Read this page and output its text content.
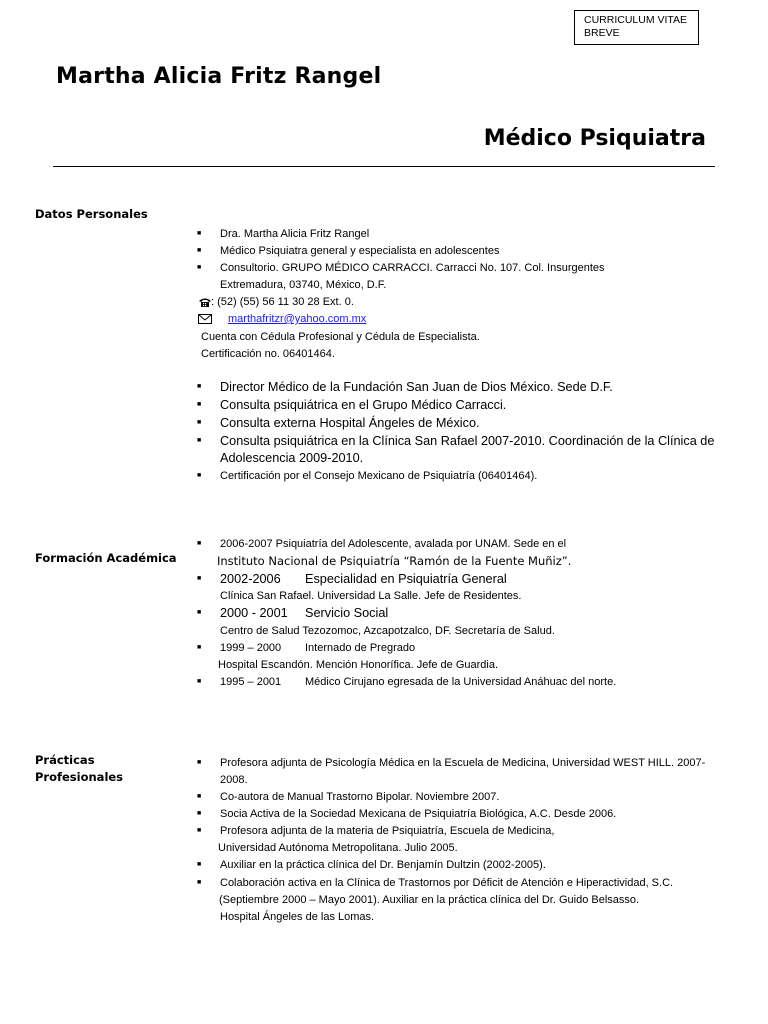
CURRICULUM VITAE
BREVE
Martha Alicia Fritz Rangel
Médico Psiquiatra
Datos Personales
■ Dra. Martha Alicia Fritz Rangel
■ Médico Psiquiatra general y especialista en adolescentes
■ Consultorio. GRUPO MÉDICO CARRACCI. Carracci No. 107. Col. Insurgentes
Extremadura, 03740, México, D.F.
: (52) (55) 56 11 30 28 Ext. 0.
marthafritzr@yahoo.com.mx
Cuenta con Cédula Profesional y Cédula de Especialista.
Certificación no. 06401464.
■ Director Médico de la Fundación San Juan de Dios México. Sede D.F.
■ Consulta psiquiátrica en el Grupo Médico Carracci.
■ Consulta externa Hospital Ángeles de México.
■ Consulta psiquiátrica en la Clínica San Rafael 2007-2010. Coordinación de la Clínica de
Adolescencia 2009-2010.
■ Certificación por el Consejo Mexicano de Psiquiatría (06401464).
Formación Académica
■ 2006-2007 Psiquiatría del Adolescente, avalada por UNAM. Sede en el
Instituto Nacional de Psiquiatría “Ramón de la Fuente Muñiz”.
■ 2002-2006 Especialidad en Psiquiatría General
Clínica San Rafael. Universidad La Salle. Jefe de Residentes.
■ 2000 - 2001 Servicio Social
Centro de Salud Tezozomoc, Azcapotzalco, DF. Secretaría de Salud.
■ 1999 – 2000 Internado de Pregrado
Hospital Escandón. Mención Honorífica. Jefe de Guardia.
■ 1995 – 2001 Médico Cirujano egresada de la Universidad Anáhuac del norte.
Prácticas
Profesionales
■ Profesora adjunta de Psicología Médica en la Escuela de Medicina, Universidad WEST HILL. 2007-
2008.
■ Co-autora de Manual Trastorno Bipolar. Noviembre 2007.
■ Socia Activa de la Sociedad Mexicana de Psiquiatría Biológica, A.C. Desde 2006.
■ Profesora adjunta de la materia de Psiquiatría, Escuela de Medicina,
Universidad Autónoma Metropolitana. Julio 2005.
■ Auxiliar en la práctica clínica del Dr. Benjamín Dultzin (2002-2005).
■ Colaboración activa en la Clínica de Trastornos por Déficit de Atención e Hiperactividad, S.C.
(Septiembre 2000 – Mayo 2001). Auxiliar en la práctica clínica del Dr. Guido Belsasso.
Hospital Ángeles de las Lomas.
